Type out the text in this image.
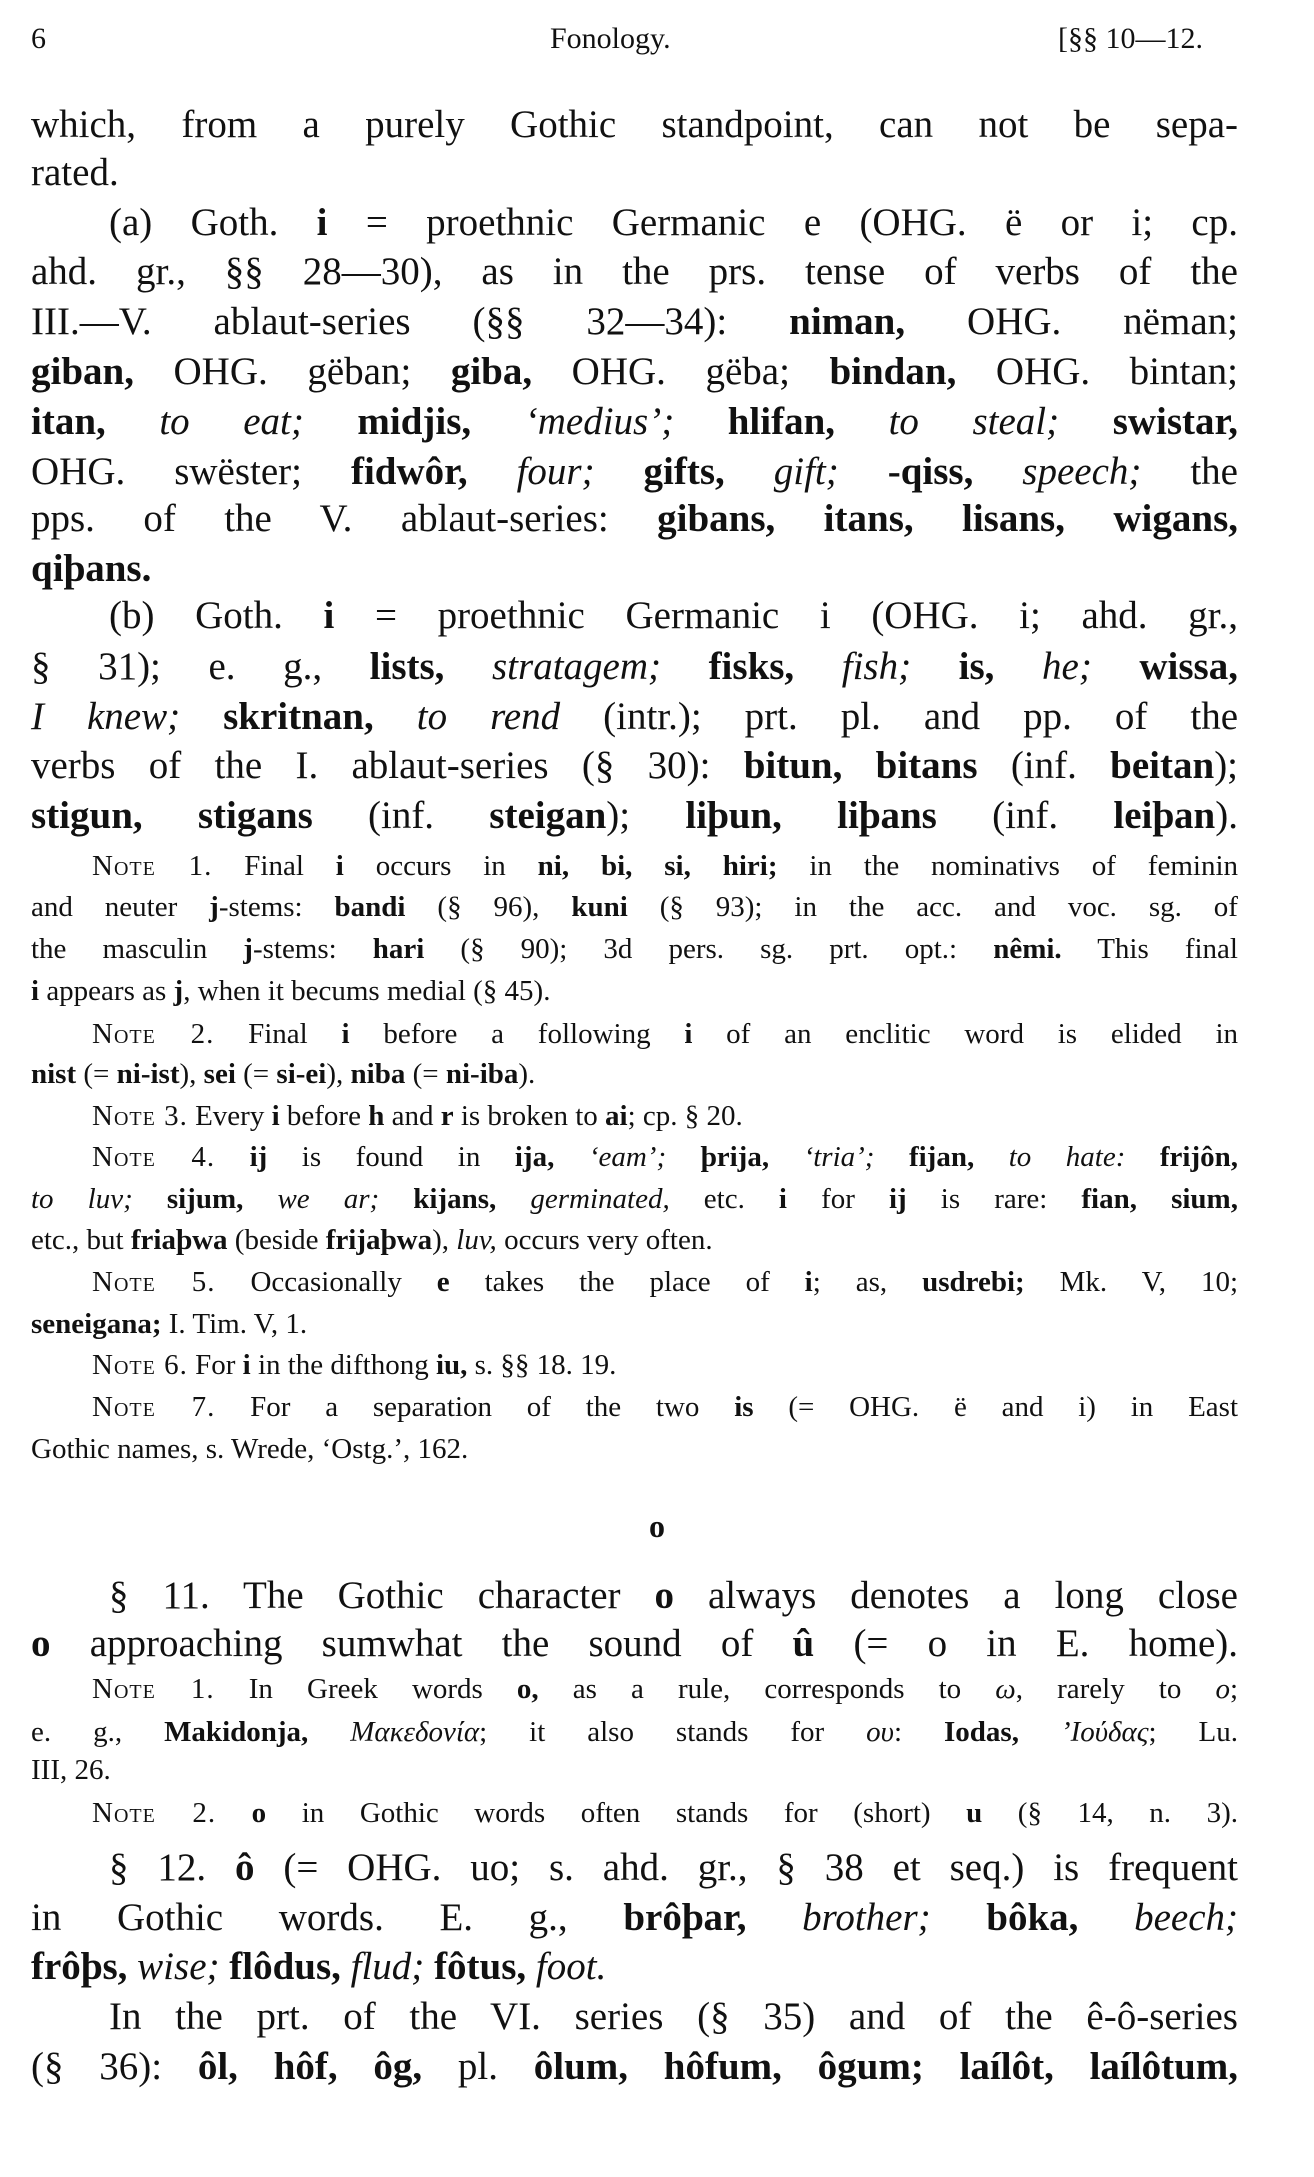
6	Fonology.	[§§ 10—12.
o
which, from a purely Gothic standpoint, can not be sepa-
rated.
(a) Goth. i = proethnic Germanic e (OHG. ë or i; cp.
ahd. gr., §§ 28—30), as in the prs. tense of verbs of the
III.—V. ablaut-series (§§ 32—34): niman, OHG. nëman;
giban, OHG. gëban; giba, OHG. gëba; bindan, OHG. bintan;
itan, to eat; midjis, ‘medius’; hlifan, to steal; swistar,
OHG. swëster; fidwôr, four; gifts, gift; -qiss, speech; the
pps. of the V. ablaut-series: gibans, itans, lisans, wigans,
qiþans.
(b) Goth. i = proethnic Germanic i (OHG. i; ahd. gr.,
§ 31); e. g., lists, stratagem; fisks, fish; is, he; wissa,
I knew; skritnan, to rend (intr.); prt. pl. and pp. of the
verbs of the I. ablaut-series (§ 30): bitun, bitans (inf. beitan);
stigun, stigans (inf. steigan); liþun, liþans (inf. leiþan).
Note 1. Final i occurs in ni, bi, si, hiri; in the nominativs of feminin
and neuter j-stems: bandi (§ 96), kuni (§ 93); in the acc. and voc. sg. of
the masculin j-stems: hari (§ 90); 3d pers. sg. prt. opt.: nêmi. This final
i appears as j, when it becums medial (§ 45).
Note 2. Final i before a following i of an enclitic word is elided in
nist (= ni-ist), sei (= si-ei), niba (= ni-iba).
Note 3. Every i before h and r is broken to ai; cp. § 20.
Note 4. ij is found in ija, ‘eam’; þrija, ‘tria’; fijan, to hate: frijôn,
to luv; sijum, we ar; kijans, germinated, etc. i for ij is rare: fian, sium,
etc., but friaþwa (beside frijaþwa), luv, occurs very often.
Note 5. Occasionally e takes the place of i; as, usdrebi; Mk. V, 10;
seneigana; I. Tim. V, 1.
Note 6. For i in the difthong iu, s. §§ 18. 19.
Note 7. For a separation of the two is (= OHG. ë and i) in East
Gothic names, s. Wrede, ‘Ostg.’, 162.
§ 11. The Gothic character o always denotes a long close
o approaching sumwhat the sound of û (= o in E. home).
Note 1. In Greek words o, as a rule, corresponds to ω, rarely to ο;
e. g., Makidonja, Μακεδονία; it also stands for ου: Iodas, ’Ιούδας; Lu.
III, 26.
Note 2. o in Gothic words often stands for (short) u (§ 14, n. 3).
§ 12. ô (= OHG. uo; s. ahd. gr., § 38 et seq.) is frequent
in Gothic words. E. g., brôþar, brother; bôka, beech;
frôþs, wise; flôdus, flud; fôtus, foot.
In the prt. of the VI. series (§ 35) and of the ê-ô-series
(§ 36): ôl, hôf, ôg, pl. ôlum, hôfum, ôgum; laílôt, laílôtum,
